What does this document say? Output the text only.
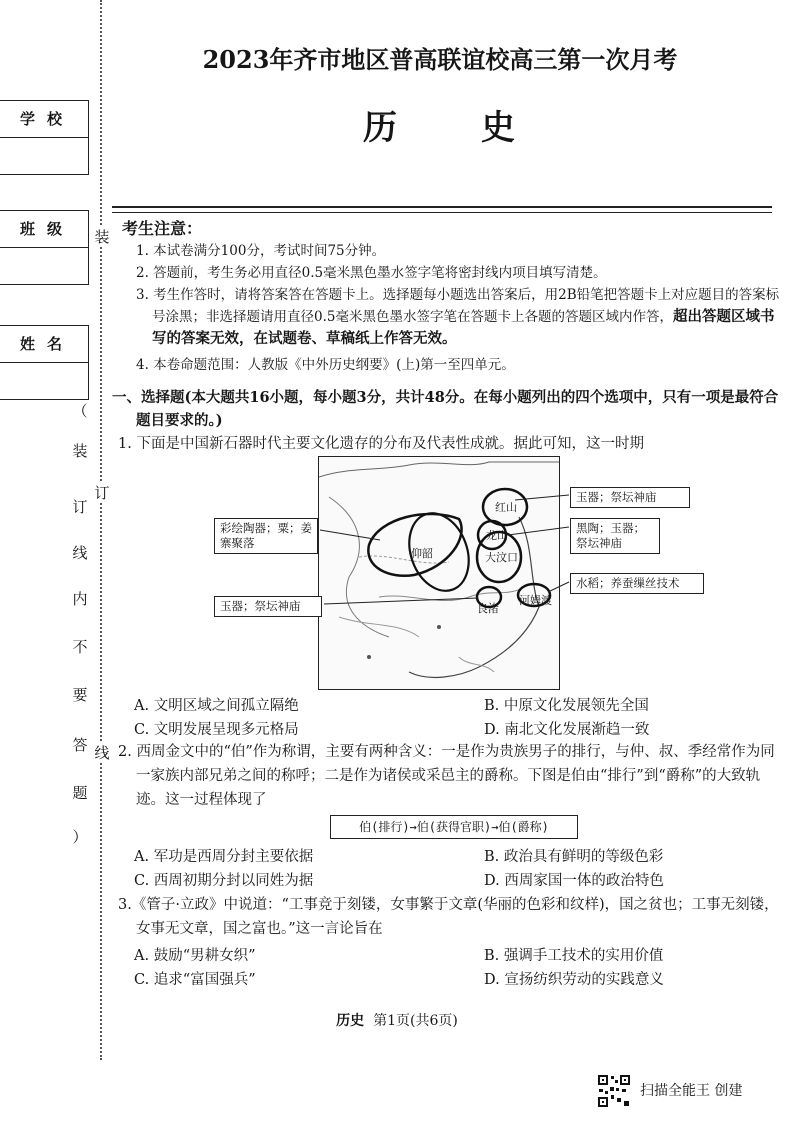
学校
班级
姓名
装
订
线
（
装
订
线
内
不
要
答
题
）
2023年齐市地区普高联谊校高三第一次月考
历 史
考生注意：

1. 本试卷满分100分，考试时间75分钟。

2. 答题前，考生务必用直径0.5毫米黑色墨水签字笔将密封线内项目填写清楚。

3. 考生作答时，请将答案答在答题卡上。选择题每小题选出答案后，用2B铅笔把答题卡上对应题目的答案标号涂黑；非选择题请用直径0.5毫米黑色墨水签字笔在答题卡上各题的答题区域内作答，超出答题区域书写的答案无效，在试题卷、草稿纸上作答无效。

4. 本卷命题范围：人教版《中外历史纲要》(上)第一至四单元。

一、选择题(本大题共16小题，每小题3分，共计48分。在每小题列出的四个选项中，只有一项是最符合题目要求的。)
1. 下面是中国新石器时代主要文化遗存的分布及代表性成就。据此可知，这一时期
红山
仰韶
龙山
大汶口
良渚
河姆渡
玉器；祭坛神庙
彩绘陶器；粟；姜寨聚落
黑陶；玉器；祭坛神庙
水稻；养蚕缫丝技术
玉器；祭坛神庙
A. 文明区域之间孤立隔绝	B. 中原文化发展领先全国
C. 文明发展呈现多元格局	D. 南北文化发展渐趋一致
2. 西周金文中的“伯”作为称谓，主要有两种含义：一是作为贵族男子的排行，与仲、叔、季经常作为同一家族内部兄弟之间的称呼；二是作为诸侯或采邑主的爵称。下图是伯由“排行”到“爵称”的大致轨迹。这一过程体现了
伯(排行)→伯(获得官职)→伯(爵称)
A. 军功是西周分封主要依据	B. 政治具有鲜明的等级色彩
C. 西周初期分封以同姓为据	D. 西周家国一体的政治特色
3.《管子·立政》中说道：“工事竞于刻镂，女事繁于文章(华丽的色彩和纹样)，国之贫也；工事无刻镂，女事无文章，国之富也。”这一言论旨在
A. 鼓励“男耕女织”	B. 强调手工技术的实用价值
C. 追求“富国强兵”	D. 宣扬纺织劳动的实践意义
历史 第1页(共6页)
扫描全能王 创建
